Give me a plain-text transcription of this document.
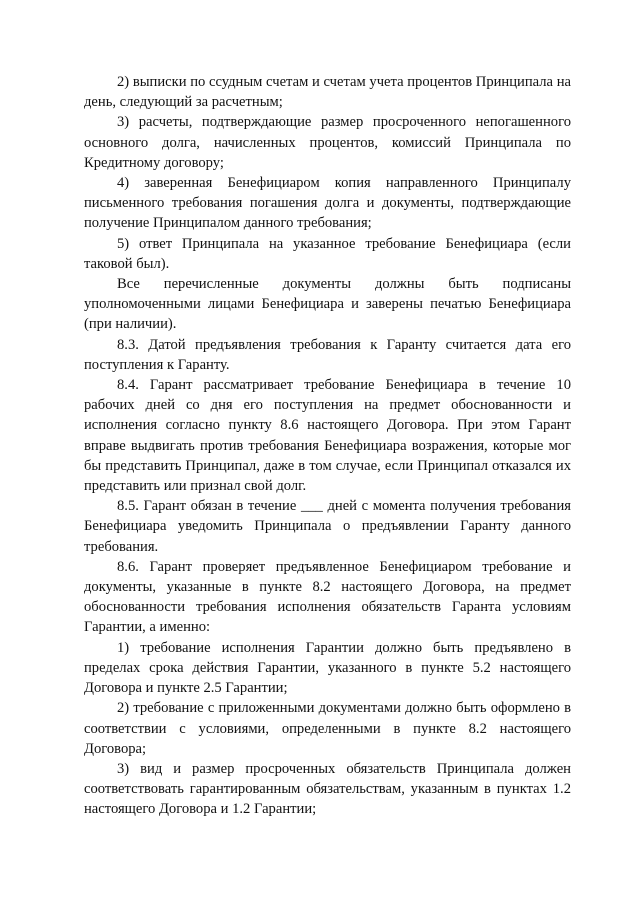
2) выписки по ссудным счетам и счетам учета процентов Принципала на день, следующий за расчетным;

3) расчеты, подтверждающие размер просроченного непогашенного основного долга, начисленных процентов, комиссий Принципала по Кредитному договору;

4) заверенная Бенефициаром копия направленного Принципалу письменного требования погашения долга и документы, подтверждающие получение Принципалом данного требования;

5) ответ Принципала на указанное требование Бенефициара (если таковой был).

Все перечисленные документы должны быть подписаны уполномоченными лицами Бенефициара и заверены печатью Бенефициара (при наличии).

8.3. Датой предъявления требования к Гаранту считается дата его поступления к Гаранту.

8.4. Гарант рассматривает требование Бенефициара в течение 10 рабочих дней со дня его поступления на предмет обоснованности и исполнения согласно пункту 8.6 настоящего Договора. При этом Гарант вправе выдвигать против требования Бенефициара возражения, которые мог бы представить Принципал, даже в том случае, если Принципал отказался их представить или признал свой долг.

8.5. Гарант обязан в течение ___ дней с момента получения требования Бенефициара уведомить Принципала о предъявлении Гаранту данного требования.

8.6. Гарант проверяет предъявленное Бенефициаром требование и документы, указанные в пункте 8.2 настоящего Договора, на предмет обоснованности требования исполнения обязательств Гаранта условиям Гарантии, а именно:

1) требование исполнения Гарантии должно быть предъявлено в пределах срока действия Гарантии, указанного в пункте 5.2 настоящего Договора и пункте 2.5 Гарантии;

2) требование с приложенными документами должно быть оформлено в соответствии с условиями, определенными в пункте 8.2 настоящего Договора;

3) вид и размер просроченных обязательств Принципала должен соответствовать гарантированным обязательствам, указанным в пунктах 1.2 настоящего Договора и 1.2 Гарантии;
